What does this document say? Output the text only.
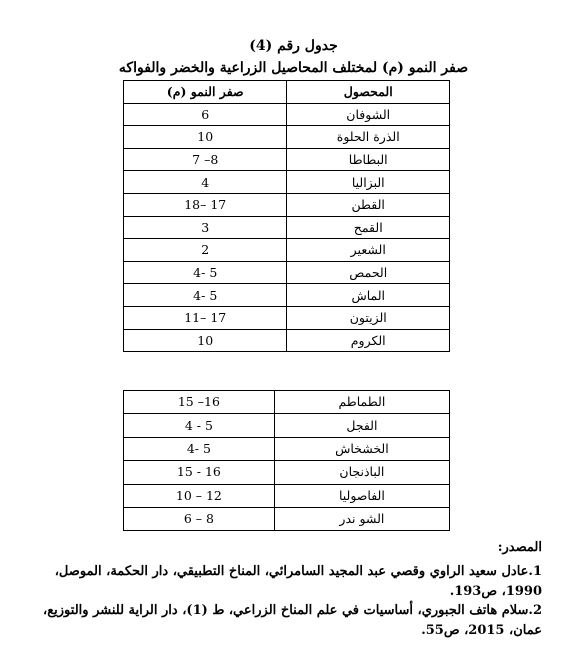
جدول رقم (4)
صفر النمو (م) لمختلف المحاصيل الزراعية والخضر والفواكه
المحصول	صفر النمو (م)
الشوفان	6
الذرة الحلوة	10
البطاطا	7 –8
البزاليا	4
القطن	18– 17
القمح	3
الشعير	2
الحمص	4- 5
الماش	4- 5
الزيتون	11– 17
الكروم	10
الطماطم	15 –16
الفجل	4 - 5
الخشخاش	4- 5
الباذنجان	15 - 16
الفاصوليا	10 – 12
الشو ندر	6 – 8
المصدر:
1.عادل سعيد الراوي وقصي عبد المجيد السامرائي، المناخ التطبيقي، دار الحكمة، الموصل، 1990، ص193.
2.سلام هاتف الجبوري، أساسيات في علم المناخ الزراعي، ط (1)، دار الراية للنشر والتوزيع، عمان، 2015، ص55.
